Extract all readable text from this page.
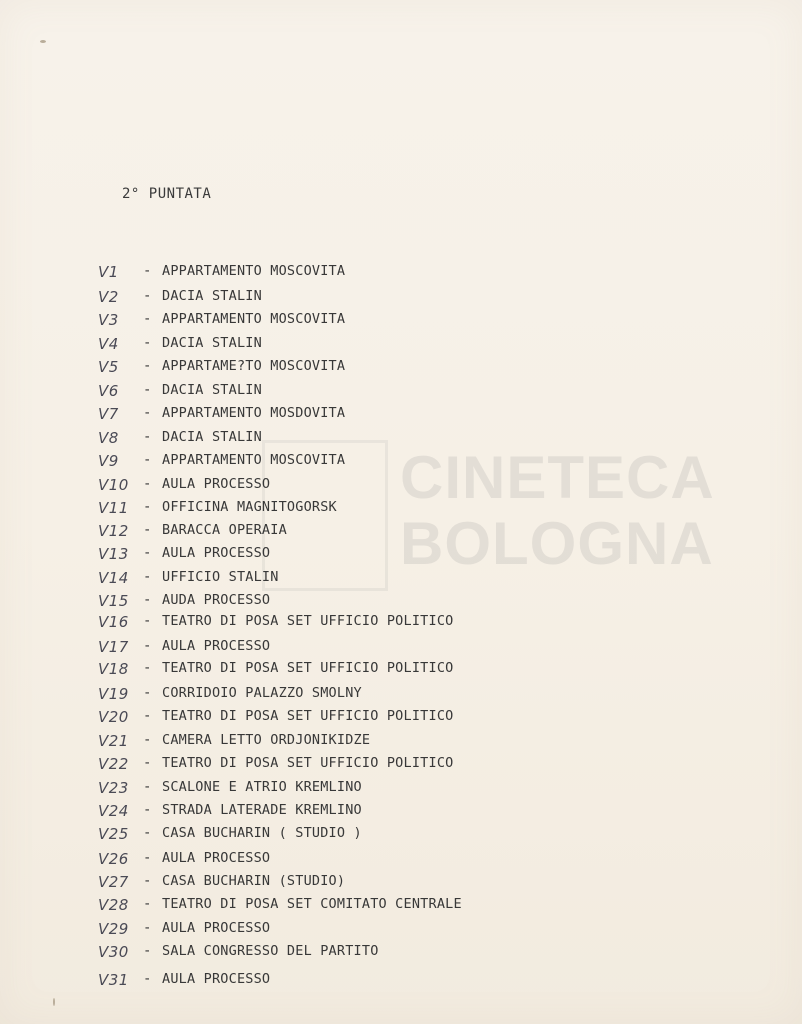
CINETECA
BOLOGNA
2° PUNTATA
V1	- APPARTAMENTO MOSCOVITA
V2	- DACIA STALIN
V3	- APPARTAMENTO MOSCOVITA
V4	- DACIA STALIN
V5	- APPARTAME?TO MOSCOVITA
V6	- DACIA STALIN
V7	- APPARTAMENTO MOSDOVITA
V8	- DACIA STALIN
V9	- APPARTAMENTO MOSCOVITA
V10	- AULA PROCESSO
V11	- OFFICINA MAGNITOGORSK
V12	- BARACCA OPERAIA
V13	- AULA PROCESSO
V14	- UFFICIO STALIN
V15	- AUDA PROCESSO
V16	- TEATRO DI POSA SET UFFICIO POLITICO
V17	- AULA PROCESSO
V18	- TEATRO DI POSA SET UFFICIO POLITICO
V19	- CORRIDOIO PALAZZO SMOLNY
V20	- TEATRO DI POSA SET UFFICIO POLITICO
V21	- CAMERA LETTO ORDJONIKIDZE
V22	- TEATRO DI POSA SET UFFICIO POLITICO
V23	- SCALONE E ATRIO KREMLINO
V24	- STRADA LATERADE KREMLINO
V25	- CASA BUCHARIN ( STUDIO )
V26	- AULA PROCESSO
V27	- CASA BUCHARIN (STUDIO)
V28	- TEATRO DI POSA SET COMITATO CENTRALE
V29	- AULA PROCESSO
V30	- SALA CONGRESSO DEL PARTITO
V31	- AULA PROCESSO
